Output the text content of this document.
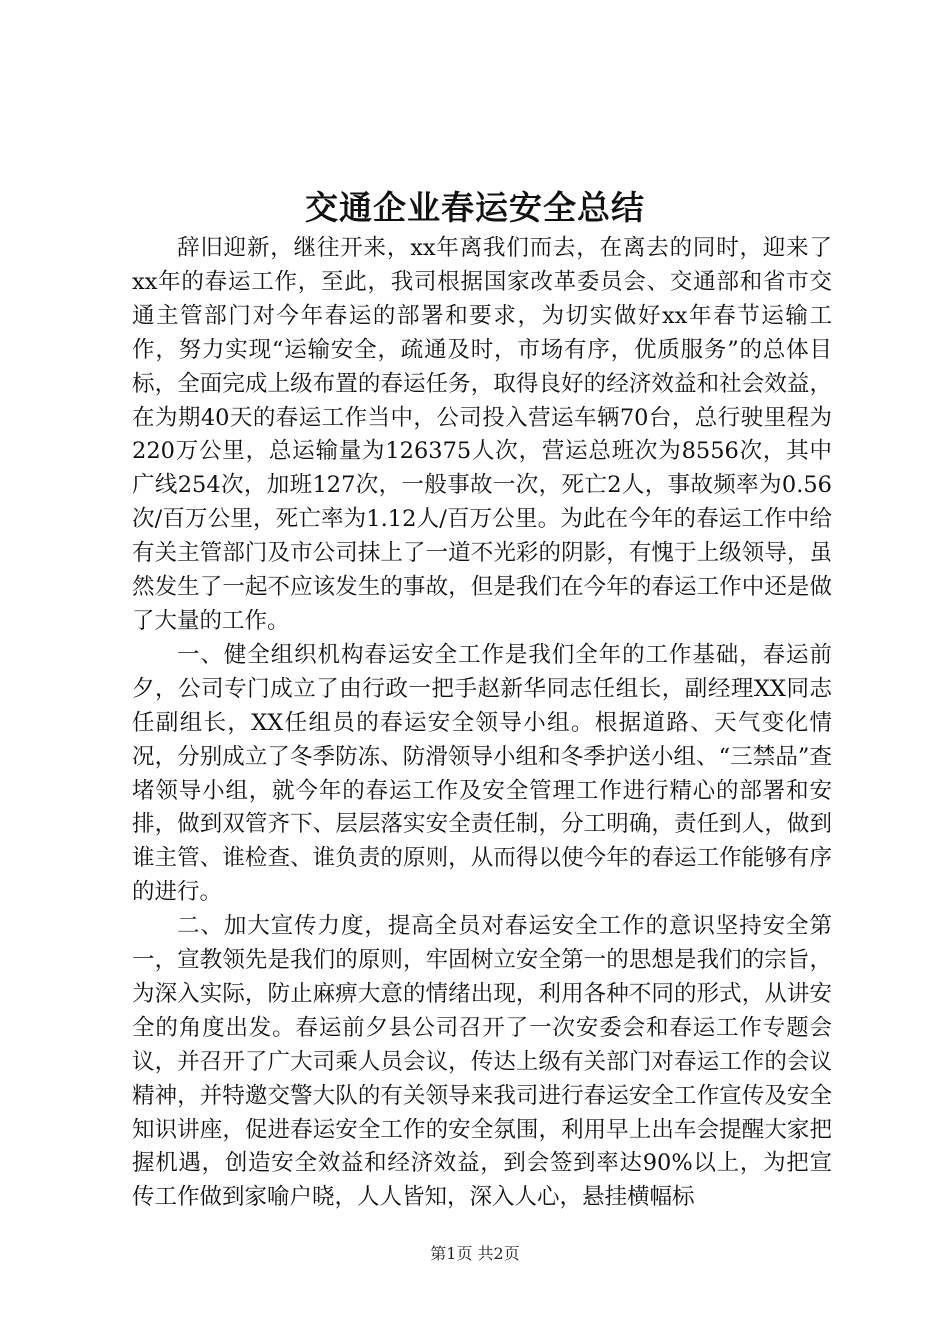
交通企业春运安全总结

辞旧迎新，继往开来，xx年离我们而去，在离去的同时，迎来了xx年的春运工作，至此，我司根据国家改革委员会、交通部和省市交通主管部门对今年春运的部署和要求，为切实做好xx年春节运输工作，努力实现“运输安全，疏通及时，市场有序，优质服务”的总体目标，全面完成上级布置的春运任务，取得良好的经济效益和社会效益，在为期40天的春运工作当中，公司投入营运车辆70台，总行驶里程为220万公里，总运输量为126375人次，营运总班次为8556次，其中广线254次，加班127次，一般事故一次，死亡2人，事故频率为0.56次/百万公里，死亡率为1.12人/百万公里。为此在今年的春运工作中给有关主管部门及市公司抹上了一道不光彩的阴影，有愧于上级领导，虽然发生了一起不应该发生的事故，但是我们在今年的春运工作中还是做了大量的工作。

一、健全组织机构春运安全工作是我们全年的工作基础，春运前夕，公司专门成立了由行政一把手赵新华同志任组长，副经理XX同志任副组长，XX任组员的春运安全领导小组。根据道路、天气变化情况，分别成立了冬季防冻、防滑领导小组和冬季护送小组、“三禁品”查堵领导小组，就今年的春运工作及安全管理工作进行精心的部署和安排，做到双管齐下、层层落实安全责任制，分工明确，责任到人，做到谁主管、谁检查、谁负责的原则，从而得以使今年的春运工作能够有序的进行。

二、加大宣传力度，提高全员对春运安全工作的意识坚持安全第一，宣教领先是我们的原则，牢固树立安全第一的思想是我们的宗旨，为深入实际，防止麻痹大意的情绪出现，利用各种不同的形式，从讲安全的角度出发。春运前夕县公司召开了一次安委会和春运工作专题会议，并召开了广大司乘人员会议，传达上级有关部门对春运工作的会议精神，并特邀交警大队的有关领导来我司进行春运安全工作宣传及安全知识讲座，促进春运安全工作的安全氛围，利用早上出车会提醒大家把握机遇，创造安全效益和经济效益，到会签到率达90%以上，为把宣传工作做到家喻户晓，人人皆知，深入人心，悬挂横幅标

第1页 共2页
